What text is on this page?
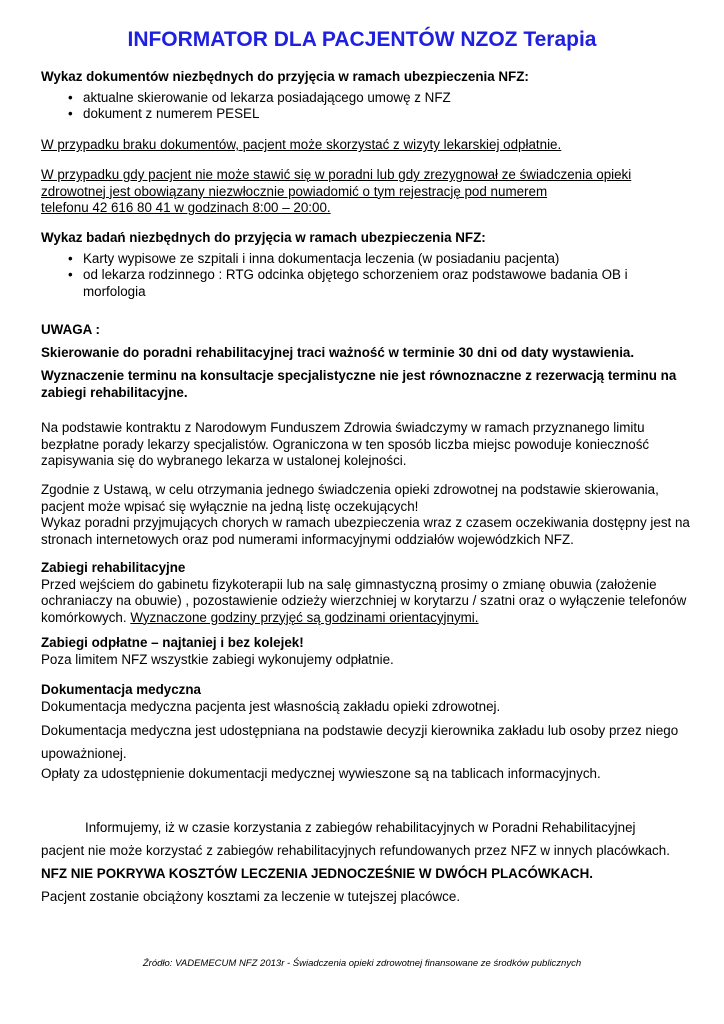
INFORMATOR DLA PACJENTÓW NZOZ Terapia

Wykaz dokumentów niezbędnych do przyjęcia w ramach ubezpieczenia NFZ:

• aktualne skierowanie od lekarza posiadającego umowę z NFZ
• dokument z numerem PESEL
W przypadku braku dokumentów, pacjent może skorzystać z wizyty lekarskiej odpłatnie.

W przypadku gdy pacjent nie może stawić się w poradni lub gdy zrezygnował ze świadczenia opieki

zdrowotnej jest obowiązany niezwłocznie powiadomić o tym rejestrację pod numerem

telefonu 42 616 80 41 w godzinach 8:00 – 20:00.

Wykaz badań niezbędnych do przyjęcia w ramach ubezpieczenia NFZ:

• Karty wypisowe ze szpitali i inna dokumentacja leczenia (w posiadaniu pacjenta)
• od lekarza rodzinnego : RTG odcinka objętego schorzeniem oraz podstawowe badania OB i morfologia
UWAGA :
Skierowanie do poradni rehabilitacyjnej traci ważność w terminie 30 dni od daty wystawienia.
Wyznaczenie terminu na konsultacje specjalistyczne nie jest równoznaczne z rezerwacją terminu na zabiegi rehabilitacyjne.
Na podstawie kontraktu z Narodowym Funduszem Zdrowia świadczymy w ramach przyznanego limitu bezpłatne porady lekarzy specjalistów. Ograniczona w ten sposób liczba miejsc powoduje konieczność zapisywania się do wybranego lekarza w ustalonej kolejności.

Zgodnie z Ustawą, w celu otrzymania jednego świadczenia opieki zdrowotnej na podstawie skierowania, pacjent może wpisać się wyłącznie na jedną listę oczekujących!

Wykaz poradni przyjmujących chorych w ramach ubezpieczenia wraz z czasem oczekiwania dostępny jest na stronach internetowych oraz pod numerami informacyjnymi oddziałów wojewódzkich NFZ.

Zabiegi rehabilitacyjne

Przed wejściem do gabinetu fizykoterapii lub na salę gimnastyczną prosimy o zmianę obuwia (założenie ochraniaczy na obuwie) , pozostawienie odzieży wierzchniej w korytarzu / szatni oraz o wyłączenie telefonów komórkowych. Wyznaczone godziny przyjęć są godzinami orientacyjnymi.

Zabiegi odpłatne – najtaniej i bez kolejek!

Poza limitem NFZ wszystkie zabiegi wykonujemy odpłatnie.

Dokumentacja medyczna

Dokumentacja medyczna pacjenta jest własnością zakładu opieki zdrowotnej.

Dokumentacja medyczna jest udostępniana na podstawie decyzji kierownika zakładu lub osoby przez niego upoważnionej.
Opłaty za udostępnienie dokumentacji medycznej wywieszone są na tablicach informacyjnych.
Informujemy, iż w czasie korzystania z zabiegów rehabilitacyjnych w Poradni Rehabilitacyjnej
pacjent nie może korzystać z zabiegów rehabilitacyjnych refundowanych przez NFZ w innych placówkach.
NFZ NIE POKRYWA KOSZTÓW LECZENIA JEDNOCZEŚNIE W DWÓCH PLACÓWKACH.
Pacjent zostanie obciążony kosztami za leczenie w tutejszej placówce.
Źródło: VADEMECUM NFZ 2013r - Świadczenia opieki zdrowotnej finansowane ze środków publicznych
